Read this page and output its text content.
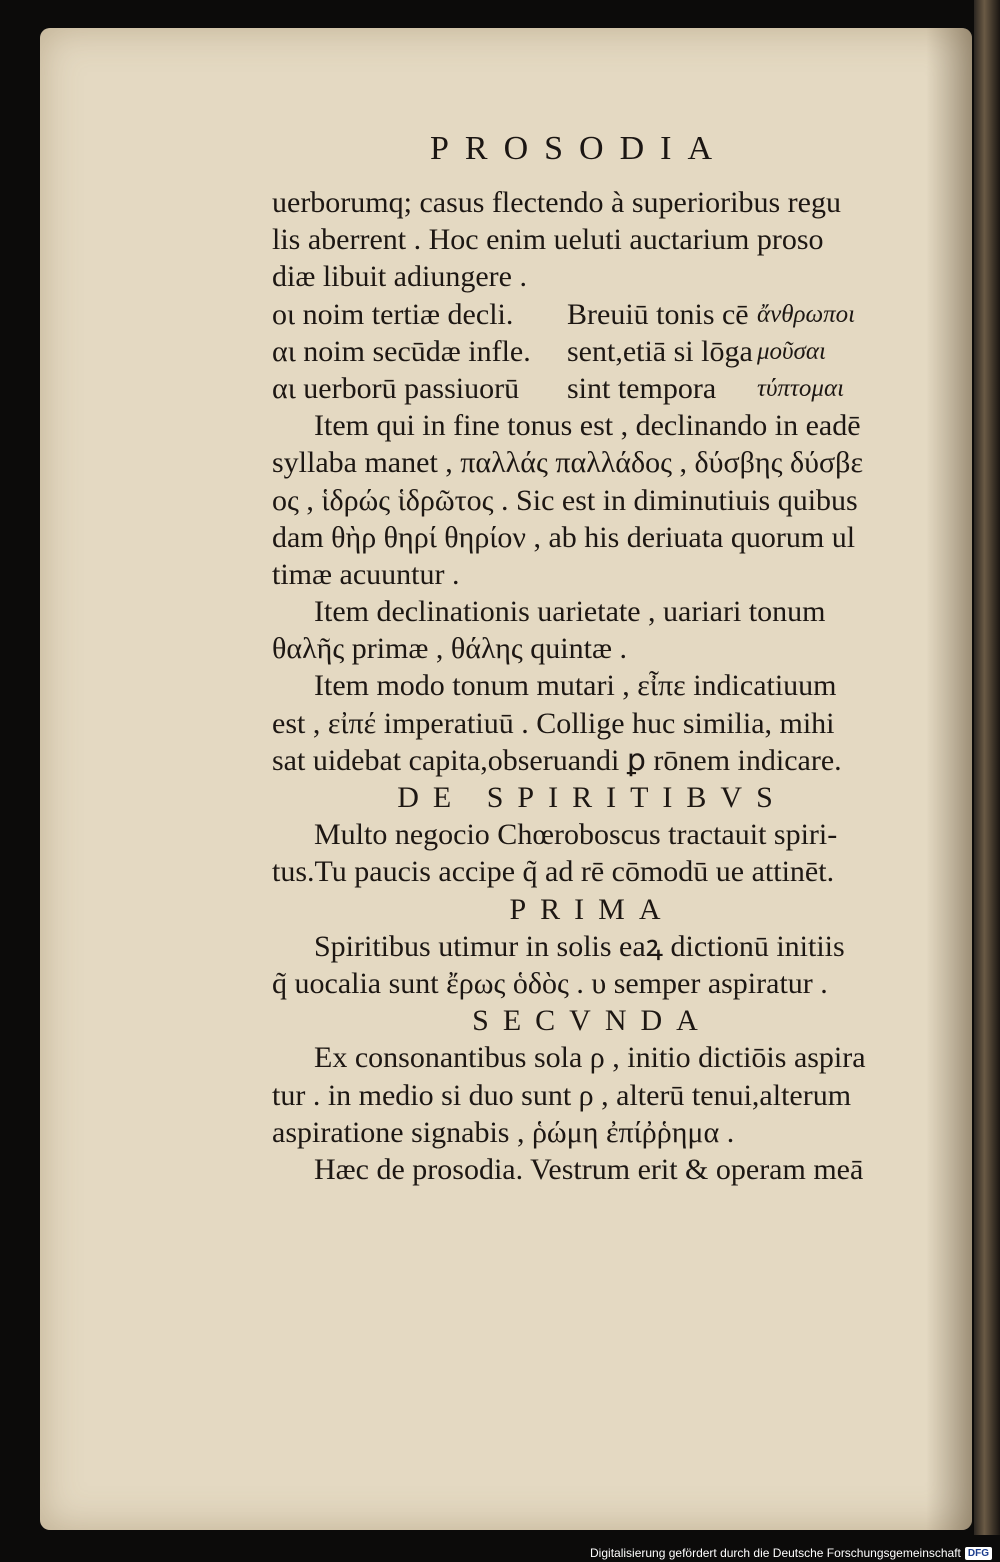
PROSODIA
uerborumq; casus flectendo à superioribus regu
lis aberrent . Hoc enim ueluti auctarium proso
diæ libuit adiungere .
οι noim tertiæ decli.	Breuiū tonis cē ἄνθρωποι
αι noim secūdæ infle.	sent,etiā si lōga μοῦσαι
αι uerborū passiuorū	sint tempora	τύπτομαι
Item qui in fine tonus est , declinando in eadē
syllaba manet , παλλάς παλλάδος , δύσβης δύσβε
ος , ἱδρώς ἱδρῶτος . Sic est in diminutiuis quibus
dam θὴρ θηρί θηρίον , ab his deriuata quorum ul
timæ acuuntur .
Item declinationis uarietate , uariari tonum
θαλῆς primæ , θάλης quintæ .
Item modo tonum mutari , εἶπε indicatiuum
est , εἰπέ imperatiuū . Collige huc similia, mihi
sat uidebat capita,obseruandi ꝑ rōnem indicare.
DE SPIRITIBVS
Multo negocio Chœroboscus tractauit spiri-
tus.Tu paucis accipe q̃ ad rē cōmodū ue attinēt.
PRIMA
Spiritibus utimur in solis eaꝝ dictionū initiis
q̃ uocalia sunt ἔρως ὁδὸς . υ semper aspiratur .
SECVNDA
Ex consonantibus sola ρ , initio dictiōis aspira
tur . in medio si duo sunt ρ , alterū tenui,alterum
aspiratione signabis , ῥώμη ἐπίῤῥημα .
Hæc de prosodia. Vestrum erit & operam meā
Digitalisierung gefördert durch die Deutsche Forschungsgemeinschaft DFG
